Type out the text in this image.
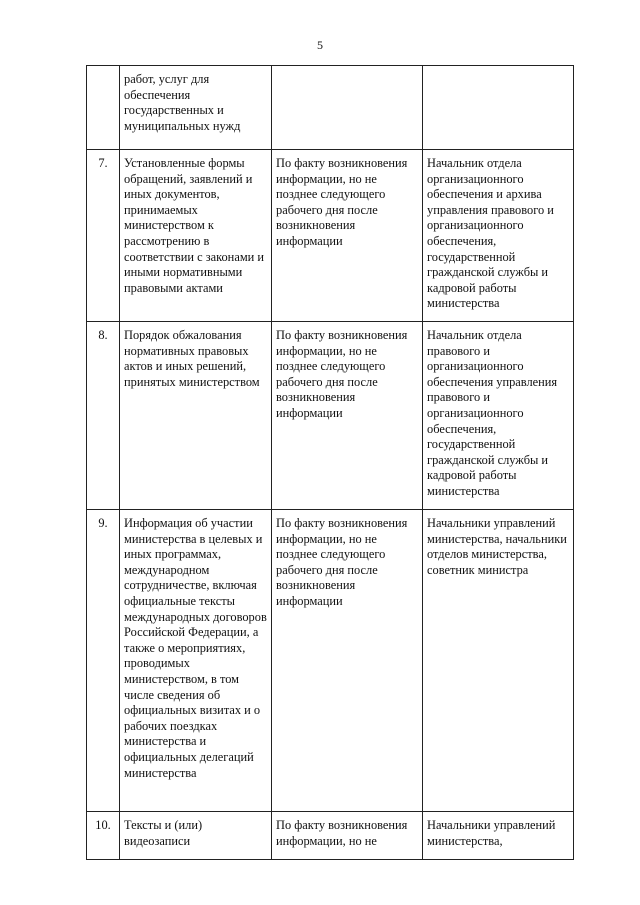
5
	работ, услуг для обеспечения государственных и муниципальных нужд		
7.	Установленные формы обращений, заявлений и иных документов, принимаемых министерством к рассмотрению в соответствии с законами и иными нормативными правовыми актами	По факту возникновения информации, но не позднее следующего рабочего дня после возникновения информации	Начальник отдела организационного обеспечения и архива управления правового и организационного обеспечения, государственной гражданской службы и кадровой работы министерства
8.	Порядок обжалования нормативных правовых актов и иных решений, принятых министерством	По факту возникновения информации, но не позднее следующего рабочего дня после возникновения информации	Начальник отдела правового и организационного обеспечения управления правового и организационного обеспечения, государственной гражданской службы и кадровой работы министерства
9.	Информация об участии министерства в целевых и иных программах, международном сотрудничестве, включая официальные тексты международных договоров Российской Федерации, а также о мероприятиях, проводимых министерством, в том числе сведения об официальных визитах и о рабочих поездках министерства и официальных делегаций министерства	По факту возникновения информации, но не позднее следующего рабочего дня после возникновения информации	Начальники управлений министерства, начальники отделов министерства, советник министра
10.	Тексты и (или) видеозаписи	По факту возникновения информации, но не	Начальники управлений министерства,
